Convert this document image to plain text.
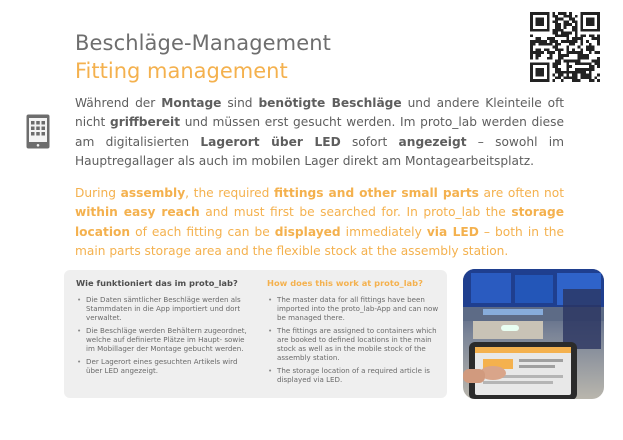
Beschläge-Management
Fitting management

Während der Montage sind benötigte Beschläge und andere Kleinteile oft nicht griffbereit und müssen erst gesucht werden. Im proto_lab werden diese am digitalisierten Lagerort über LED sofort angezeigt – sowohl im Hauptregallager als auch im mobilen Lager direkt am Montagearbeitsplatz.

During assembly, the required fittings and other small parts are often not within easy reach and must first be searched for. In proto_lab the storage location of each fitting can be displayed immediately via LED – both in the main parts storage area and the flexible stock at the assembly station.

Wie funktioniert das im proto_lab?
• Die Daten sämtlicher Beschläge werden als Stammdaten in die App importiert und dort verwaltet.
• Die Beschläge werden Behältern zugeordnet, welche auf definierte Plätze im Haupt- sowie im Mobillager der Montage gebucht werden.
• Der Lagerort eines gesuchten Artikels wird über LED angezeigt.
How does this work at proto_lab?
• The master data for all fittings have been imported into the proto_lab-App and can now be managed there.
• The fittings are assigned to containers which are booked to defined locations in the main stock as well as in the mobile stock of the assembly station.
• The storage location of a required article is displayed via LED.
